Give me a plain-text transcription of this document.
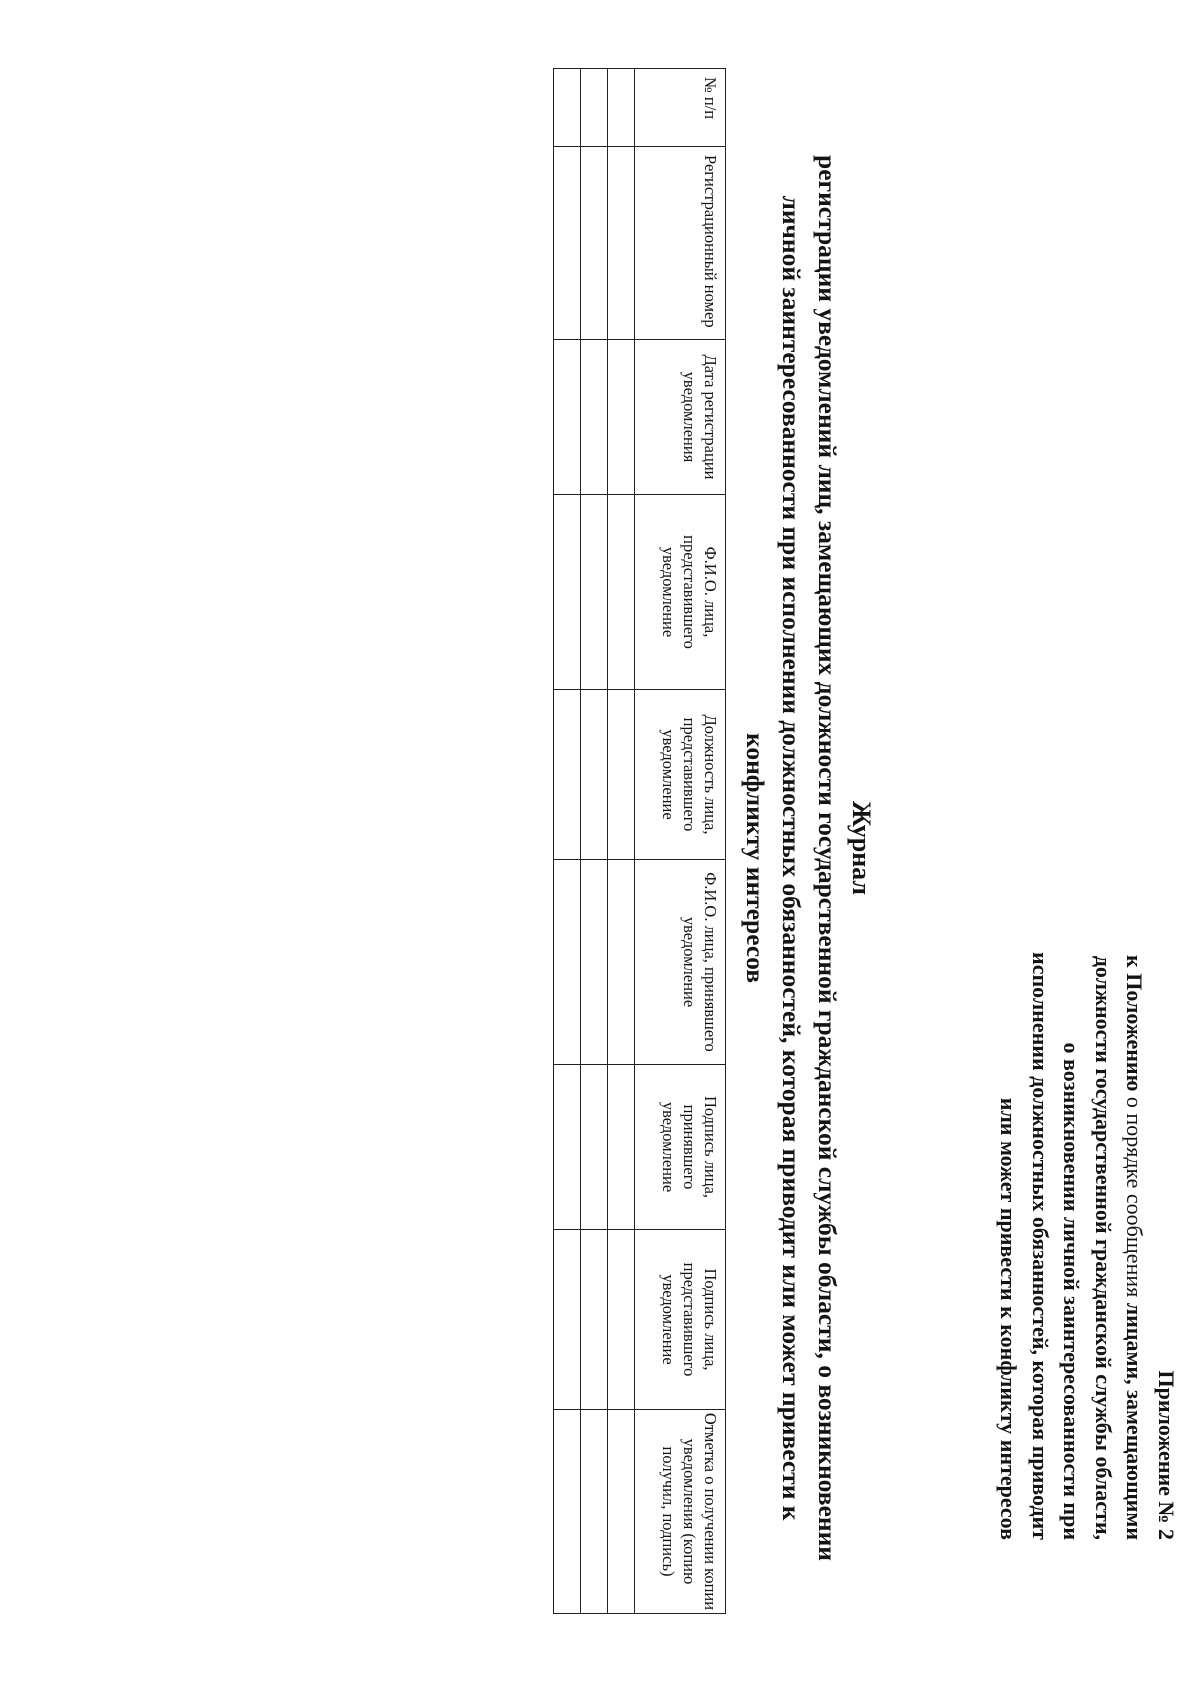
Приложение № 2
к Положению о порядке сообщения лицами, замещающими
должности государственной гражданской службы области,
о возникновении личной заинтересованности при
исполнении должностных обязанностей, которая приводит
или может привести к конфликту интересов
Журнал
регистрации уведомлений лиц, замещающих должности государственной гражданской службы области, о возникновении
личной заинтересованности при исполнении должностных обязанностей, которая приводит или может привести к
конфликту интересов
№ п/п	Регистрационный номер	Дата регистрации уведомления	Ф.И.О. лица, представившего уведомление	Должность лица, представившего уведомление	Ф.И.О. лица, принявшего уведомление	Подпись лица, принявшего уведомление	Подпись лица, представившего уведомление	Отметка о получении копии уведомления (копию получил, подпись)
